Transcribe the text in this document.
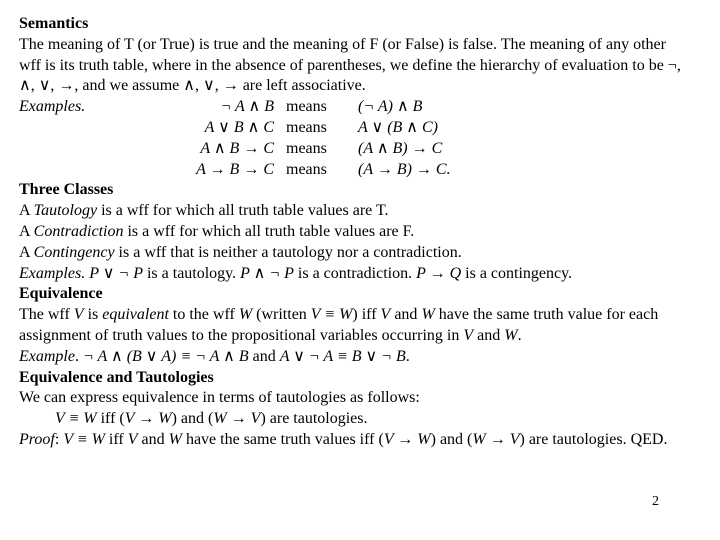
Semantics
The meaning of T (or True) is true and the meaning of F (or False) is false. The meaning of any other wff is its truth table, where in the absence of parentheses, we define the hierarchy of evaluation to be ¬, ∧, ∨, →, and we assume ∧, ∨, → are left associative.
Examples.	¬ A ∧ B means	(¬ A) ∧ B
A ∨ B ∧ C means	A ∨ (B ∧ C)
A ∧ B → C means	(A ∧ B) → C
A → B → C means	(A → B) → C.
Three Classes
A Tautology is a wff for which all truth table values are T.
A Contradiction is a wff for which all truth table values are F.
A Contingency is a wff that is neither a tautology nor a contradiction.
Examples. P ∨ ¬ P is a tautology. P ∧ ¬ P is a contradiction. P → Q is a contingency.
Equivalence
The wff V is equivalent to the wff W (written V ≡ W) iff V and W have the same truth value for each assignment of truth values to the propositional variables occurring in V and W.
Example. ¬ A ∧ (B ∨ A) ≡ ¬ A ∧ B and A ∨ ¬ A ≡ B ∨ ¬ B.
Equivalence and Tautologies
We can express equivalence in terms of tautologies as follows:
V ≡ W iff (V → W) and (W → V) are tautologies.
Proof: V ≡ W iff V and W have the same truth values iff (V → W) and (W → V) are tautologies. QED.
2
